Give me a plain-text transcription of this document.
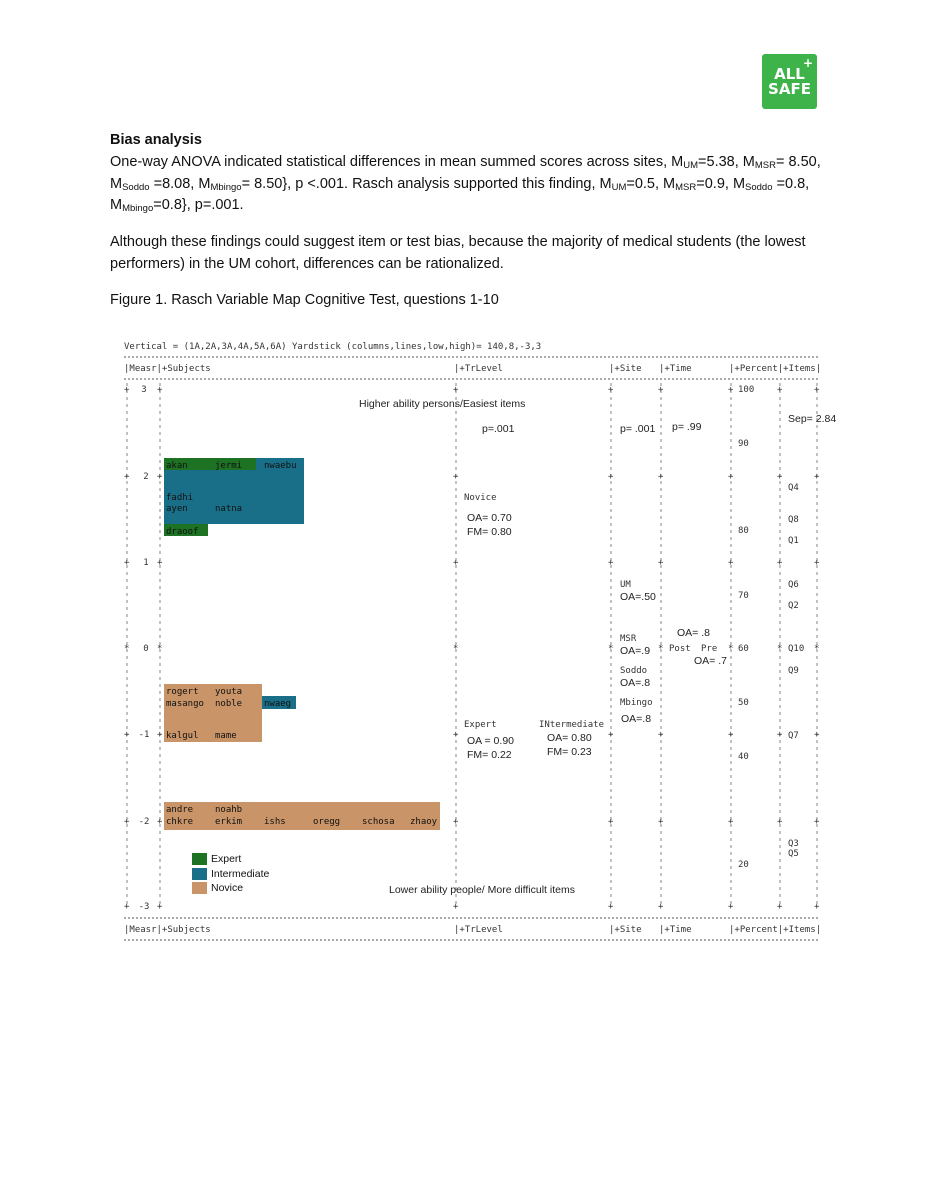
+
ALL
SAFE
Bias analysis
One-way ANOVA indicated statistical differences in mean summed scores across sites, $M_{UM}=5.38$, $M_{MSR}= 8.50$, $M_{Soddo} =8.08$, $M_{Mbingo}= 8.50$}, p <.001. Rasch analysis supported this finding, $M_{UM}=0.5$, $M_{MSR}=0.9$, $M_{Soddo} =0.8$, $M_{Mbingo}=0.8$}, p=.001.
Although these findings could suggest item or test bias, because the majority of medical students (the lowest performers) in the UM cohort, differences can be rationalized.
Figure 1. Rasch Variable Map Cognitive Test, questions 1-10
Vertical = (1A,2A,3A,4A,5A,6A) Yardstick (columns,lines,low,high)= 140,8,-3,3
|Measr|+Subjects	|+TrLevel	|+Site |+Time	|+Percent|+Items|
3
2
1
0
-1
-2
-3
+	+	+	+	+	+	+	+
+	+	+	+	+	+	+	+
+	+	+	+	+	+	+	+
*	*	*	*	*	*	*	*
+	+	+	+	+	+	+	+
+	+	+	+	+	+	+	+
+	+	+	+	+	+	+	+
Higher ability persons/Easiest items
p=.001	p= .001 p= .99
Sep= 2.84
Lower ability people/ More difficult items
akan	jermi nwaebu
fadhi
ayen	natna
draoof
rogert youta
masango noble nwaeg
kalgul mame
andre noahb
chkre erkim ishs	oregg schosa zhaoy
Novice
OA= 0.70
FM= 0.80
Expert
OA = 0.90
FM= 0.22
INtermediate
OA= 0.80
FM= 0.23
UM
OA=.50
MSR
OA=.9
Soddo
OA=.8
Mbingo
OA=.8
OA= .8
Post Pre
OA= .7
100
90
80
70
60
50
40
20
Q4
Q8
Q1
Q6
Q2
Q10
Q9
Q7
Q3
Q5
|Measr|+Subjects	|+TrLevel	|+Site |+Time	|+Percent|+Items|
Expert
Intermediate
Novice
